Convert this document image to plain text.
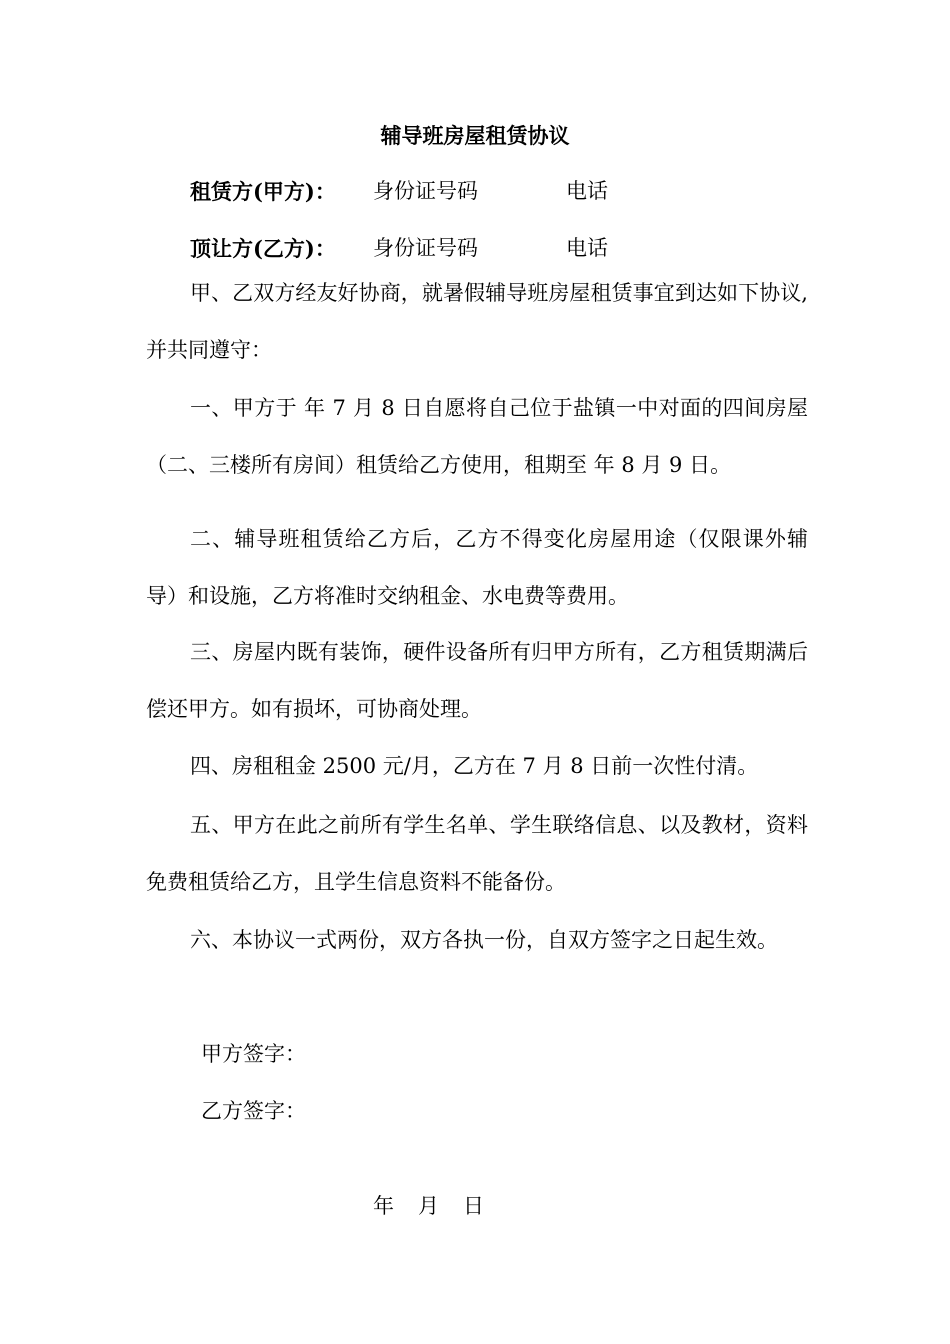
辅导班房屋租赁协议
租赁方(甲方)： 身份证号码	电话
顶让方(乙方)： 身份证号码	电话

甲、乙双方经友好协商，就暑假辅导班房屋租赁事宜到达如下协议,并共同遵守：

一、甲方于 年 7 月 8 日自愿将自己位于盐镇一中对面的四间房屋（二、三楼所有房间）租赁给乙方使用，租期至 年 8 月 9 日。

二、辅导班租赁给乙方后，乙方不得变化房屋用途（仅限课外辅导）和设施，乙方将准时交纳租金、水电费等费用。

三、房屋内既有装饰，硬件设备所有归甲方所有，乙方租赁期满后偿还甲方。如有损坏，可协商处理。

四、房租租金 2500 元/月，乙方在 7 月 8 日前一次性付清。

五、甲方在此之前所有学生名单、学生联络信息、以及教材，资料免费租赁给乙方，且学生信息资料不能备份。

六、本协议一式两份，双方各执一份，自双方签字之日起生效。

甲方签字：
乙方签字：
年 月 日
